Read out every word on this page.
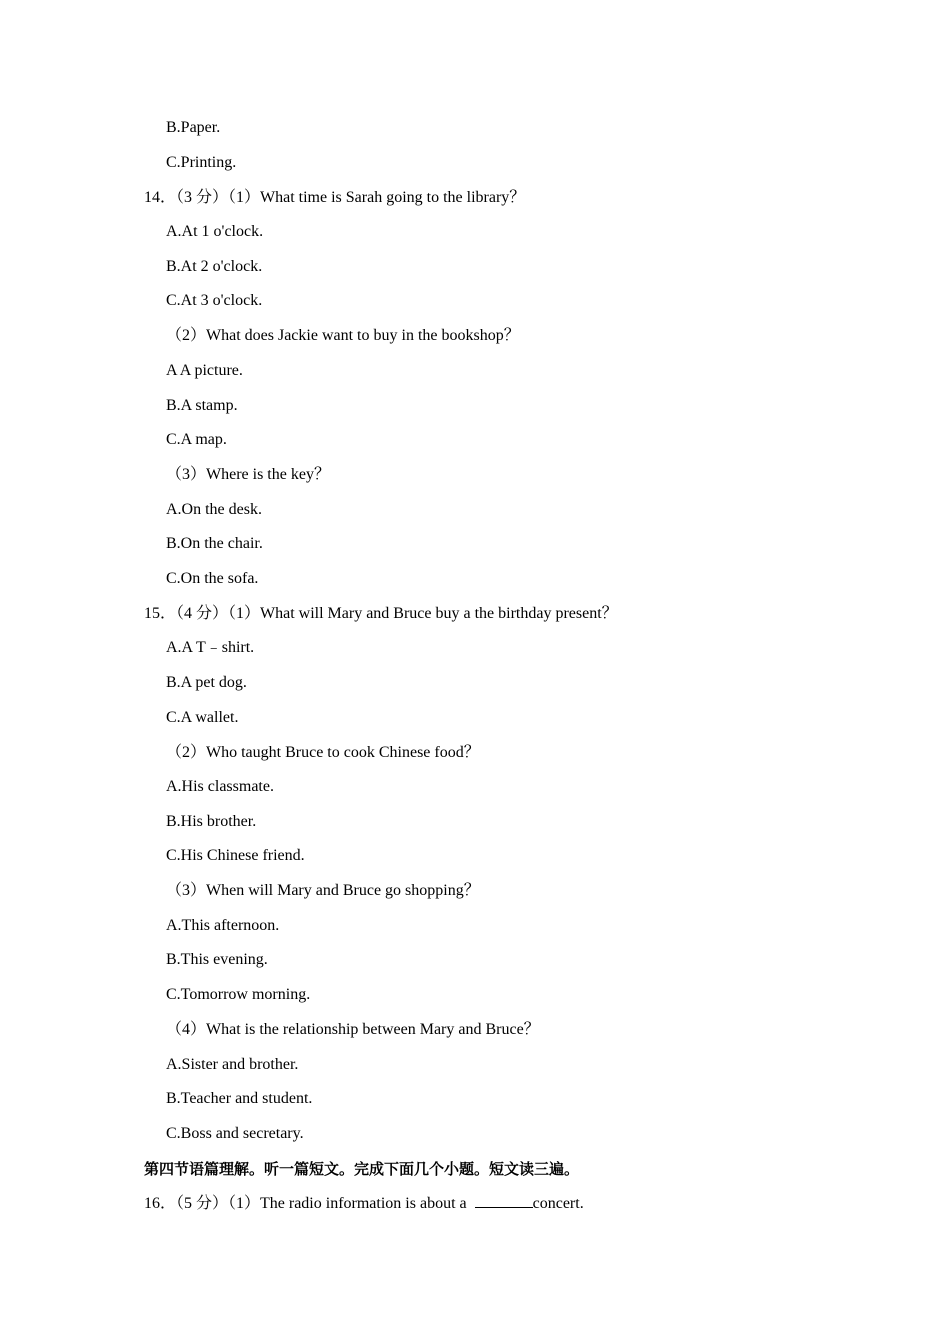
B.Paper.
C.Printing.
14．（3 分）（1）What time is Sarah going to the library？
A.At 1 o'clock.
B.At 2 o'clock.
C.At 3 o'clock.
（2）What does Jackie want to buy in the bookshop？
A A picture.
B.A stamp.
C.A map.
（3）Where is the key？
A.On the desk.
B.On the chair.
C.On the sofa.
15．（4 分）（1）What will Mary and Bruce buy a the birthday present？
A.A T﹣shirt.
B.A pet dog.
C.A wallet.
（2）Who taught Bruce to cook Chinese food？
A.His classmate.
B.His brother.
C.His Chinese friend.
（3）When will Mary and Bruce go shopping？
A.This afternoon.
B.This evening.
C.Tomorrow morning.
（4）What is the relationship between Mary and Bruce？
A.Sister and brother.
B.Teacher and student.
C.Boss and secretary.
第四节语篇理解。听一篇短文。完成下面几个小题。短文读三遍。
16．（5 分）（1）The radio information is about a	concert.
